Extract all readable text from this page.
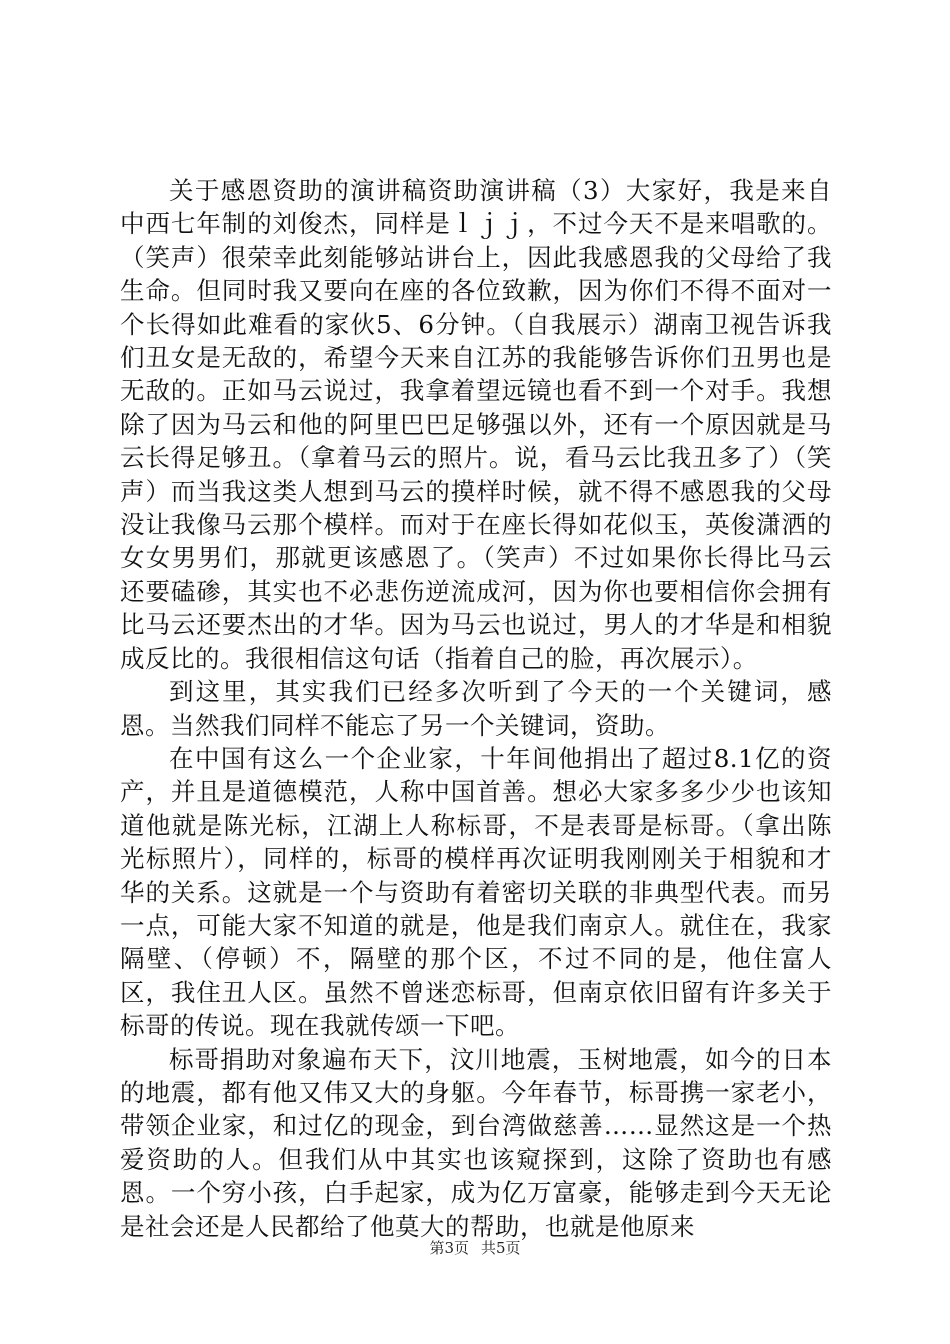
关于感恩资助的演讲稿资助演讲稿（3）大家好，我是来自中西七年制的刘俊杰，同样是ｌｊｊ，不过今天不是来唱歌的。（笑声）很荣幸此刻能够站讲台上，因此我感恩我的父母给了我生命。但同时我又要向在座的各位致歉，因为你们不得不面对一个长得如此难看的家伙5、6分钟。（自我展示）湖南卫视告诉我们丑女是无敌的，希望今天来自江苏的我能够告诉你们丑男也是无敌的。正如马云说过，我拿着望远镜也看不到一个对手。我想除了因为马云和他的阿里巴巴足够强以外，还有一个原因就是马云长得足够丑。（拿着马云的照片。说，看马云比我丑多了）（笑声）而当我这类人想到马云的摸样时候，就不得不感恩我的父母没让我像马云那个模样。而对于在座长得如花似玉，英俊潇洒的女女男男们，那就更该感恩了。（笑声）不过如果你长得比马云还要磕碜，其实也不必悲伤逆流成河，因为你也要相信你会拥有比马云还要杰出的才华。因为马云也说过，男人的才华是和相貌成反比的。我很相信这句话（指着自己的脸，再次展示）。

到这里，其实我们已经多次听到了今天的一个关键词，感恩。当然我们同样不能忘了另一个关键词，资助。

在中国有这么一个企业家，十年间他捐出了超过8.1亿的资产，并且是道德模范，人称中国首善。想必大家多多少少也该知道他就是陈光标，江湖上人称标哥，不是表哥是标哥。（拿出陈光标照片），同样的，标哥的模样再次证明我刚刚关于相貌和才华的关系。这就是一个与资助有着密切关联的非典型代表。而另一点，可能大家不知道的就是，他是我们南京人。就住在，我家隔壁、（停顿）不，隔壁的那个区，不过不同的是，他住富人区，我住丑人区。虽然不曾迷恋标哥，但南京依旧留有许多关于标哥的传说。现在我就传颂一下吧。

标哥捐助对象遍布天下，汶川地震，玉树地震，如今的日本的地震，都有他又伟又大的身躯。今年春节，标哥携一家老小，带领企业家，和过亿的现金，到台湾做慈善……显然这是一个热爱资助的人。但我们从中其实也该窥探到，这除了资助也有感恩。一个穷小孩，白手起家，成为亿万富豪，能够走到今天无论是社会还是人民都给了他莫大的帮助，也就是他原来

第3页 共5页
